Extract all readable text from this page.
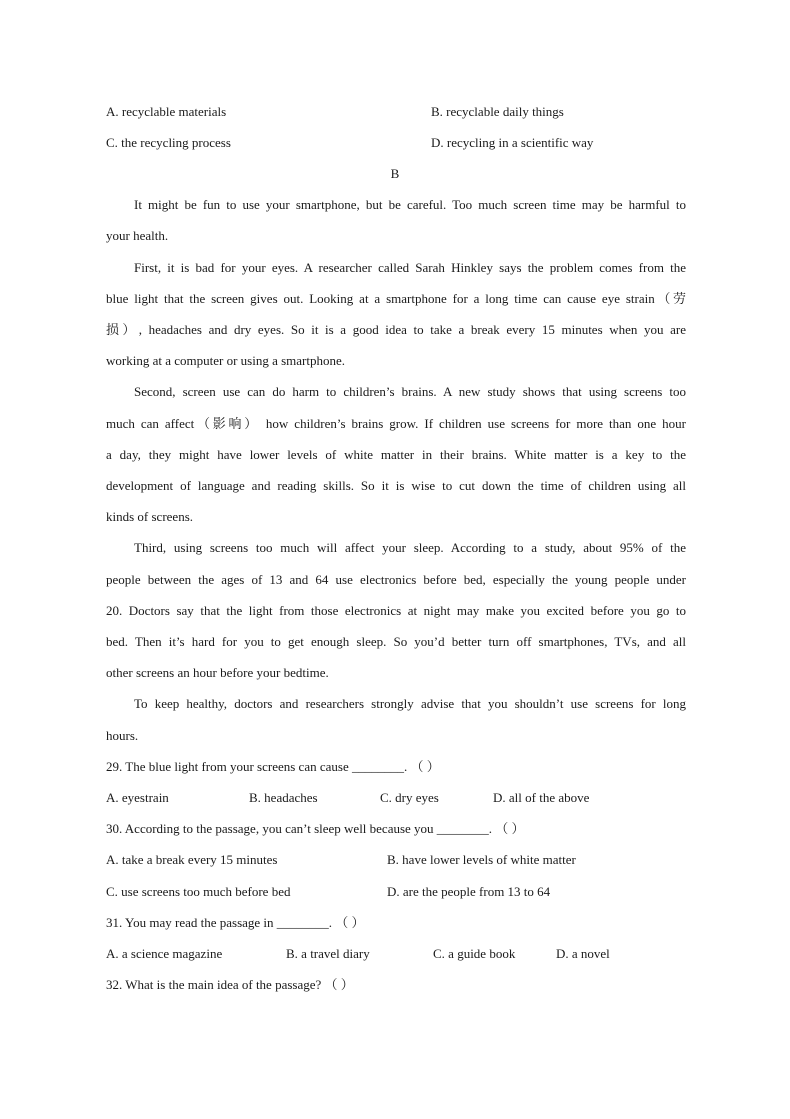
A. recyclable materials	B. recyclable daily things
C. the recycling process	D. recycling in a scientific way
B
It might be fun to use your smartphone, but be careful. Too much screen time may be harmful to
your health.
First, it is bad for your eyes. A researcher called Sarah Hinkley says the problem comes from the
blue light that the screen gives out. Looking at a smartphone for a long time can cause eye strain（劳
损）, headaches and dry eyes. So it is a good idea to take a break every 15 minutes when you are
working at a computer or using a smartphone.
Second, screen use can do harm to children’s brains. A new study shows that using screens too
much can affect（影响） how children’s brains grow. If children use screens for more than one hour
a day, they might have lower levels of white matter in their brains. White matter is a key to the
development of language and reading skills. So it is wise to cut down the time of children using all
kinds of screens.
Third, using screens too much will affect your sleep. According to a study, about 95% of the
people between the ages of 13 and 64 use electronics before bed, especially the young people under
20. Doctors say that the light from those electronics at night may make you excited before you go to
bed. Then it’s hard for you to get enough sleep. So you’d better turn off smartphones, TVs, and all
other screens an hour before your bedtime.
To keep healthy, doctors and researchers strongly advise that you shouldn’t use screens for long
hours.
29. The blue light from your screens can cause ________. （ ）
A. eyestrain	B. headaches	C. dry eyes	D. all of the above
30. According to the passage, you can’t sleep well because you ________. （ ）
A. take a break every 15 minutes	B. have lower levels of white matter
C. use screens too much before bed	D. are the people from 13 to 64
31. You may read the passage in ________. （ ）
A. a science magazine	B. a travel diary	C. a guide book	D. a novel
32. What is the main idea of the passage? （ ）
